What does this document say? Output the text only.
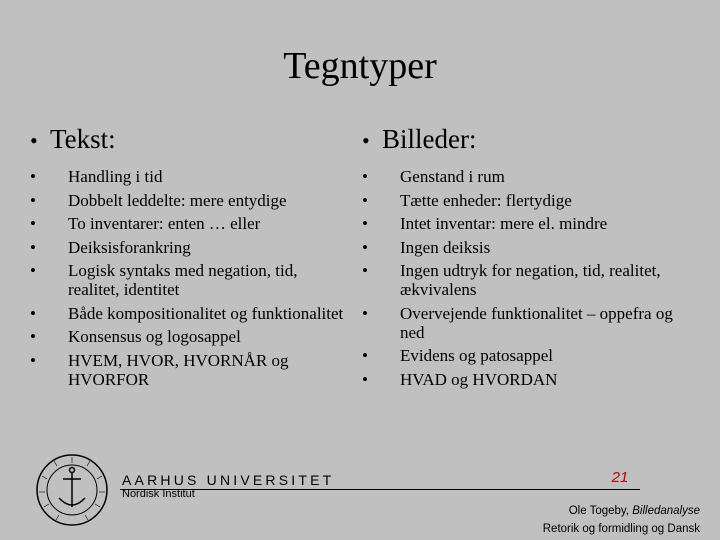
Tegntyper
• Tekst:
•	Handling i tid
•	Dobbelt leddelte: mere entydige
•	To inventarer: enten … eller
•	Deiksisforankring
•	Logisk syntaks med negation, tid, realitet, identitet
•	Både kompositionalitet og funktionalitet
•	Konsensus og logosappel
•	HVEM, HVOR, HVORNÅR og HVORFOR
• Billeder:
•	Genstand i rum
•	Tætte enheder: flertydige
•	Intet inventar: mere el. mindre
•	Ingen deiksis
•	Ingen udtryk for negation, tid, realitet, ækvivalens
•	Overvejende funktionalitet – oppefra og ned
•	Evidens og patosappel
•	HVAD og HVORDAN
AARHUS UNIVERSITET
Nordisk Institut
21
Ole Togeby, Billedanalyse
Retorik og formidling og Dansk
